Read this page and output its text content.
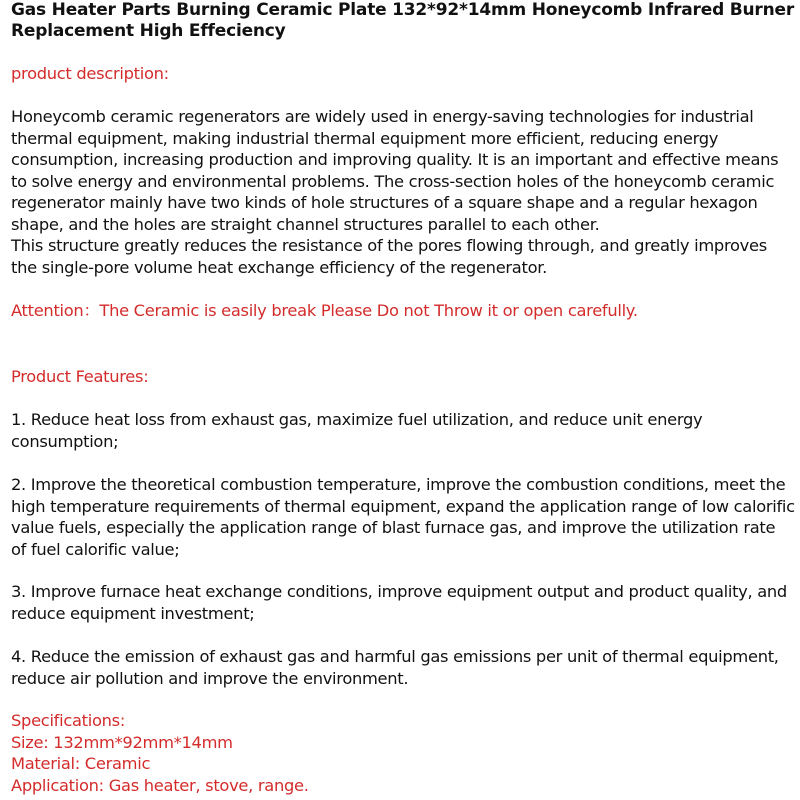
Gas Heater Parts Burning Ceramic Plate 132*92*14mm Honeycomb Infrared Burner Replacement High Effeciency

product description:

Honeycomb ceramic regenerators are widely used in energy-saving technologies for industrial thermal equipment, making industrial thermal equipment more efficient, reducing energy consumption, increasing production and improving quality. It is an important and effective means to solve energy and environmental problems. The cross-section holes of the honeycomb ceramic regenerator mainly have two kinds of hole structures of a square shape and a regular hexagon shape, and the holes are straight channel structures parallel to each other.

This structure greatly reduces the resistance of the pores flowing through, and greatly improves the single-pore volume heat exchange efficiency of the regenerator.

Attention：The Ceramic is easily break Please Do not Throw it or open carefully.

Product Features:

1. Reduce heat loss from exhaust gas, maximize fuel utilization, and reduce unit energy consumption;

2. Improve the theoretical combustion temperature, improve the combustion conditions, meet the high temperature requirements of thermal equipment, expand the application range of low calorific value fuels, especially the application range of blast furnace gas, and improve the utilization rate of fuel calorific value;

3. Improve furnace heat exchange conditions, improve equipment output and product quality, and reduce equipment investment;

4. Reduce the emission of exhaust gas and harmful gas emissions per unit of thermal equipment, reduce air pollution and improve the environment.

Specifications:
Size: 132mm*92mm*14mm
Material: Ceramic
Application: Gas heater, stove, range.
